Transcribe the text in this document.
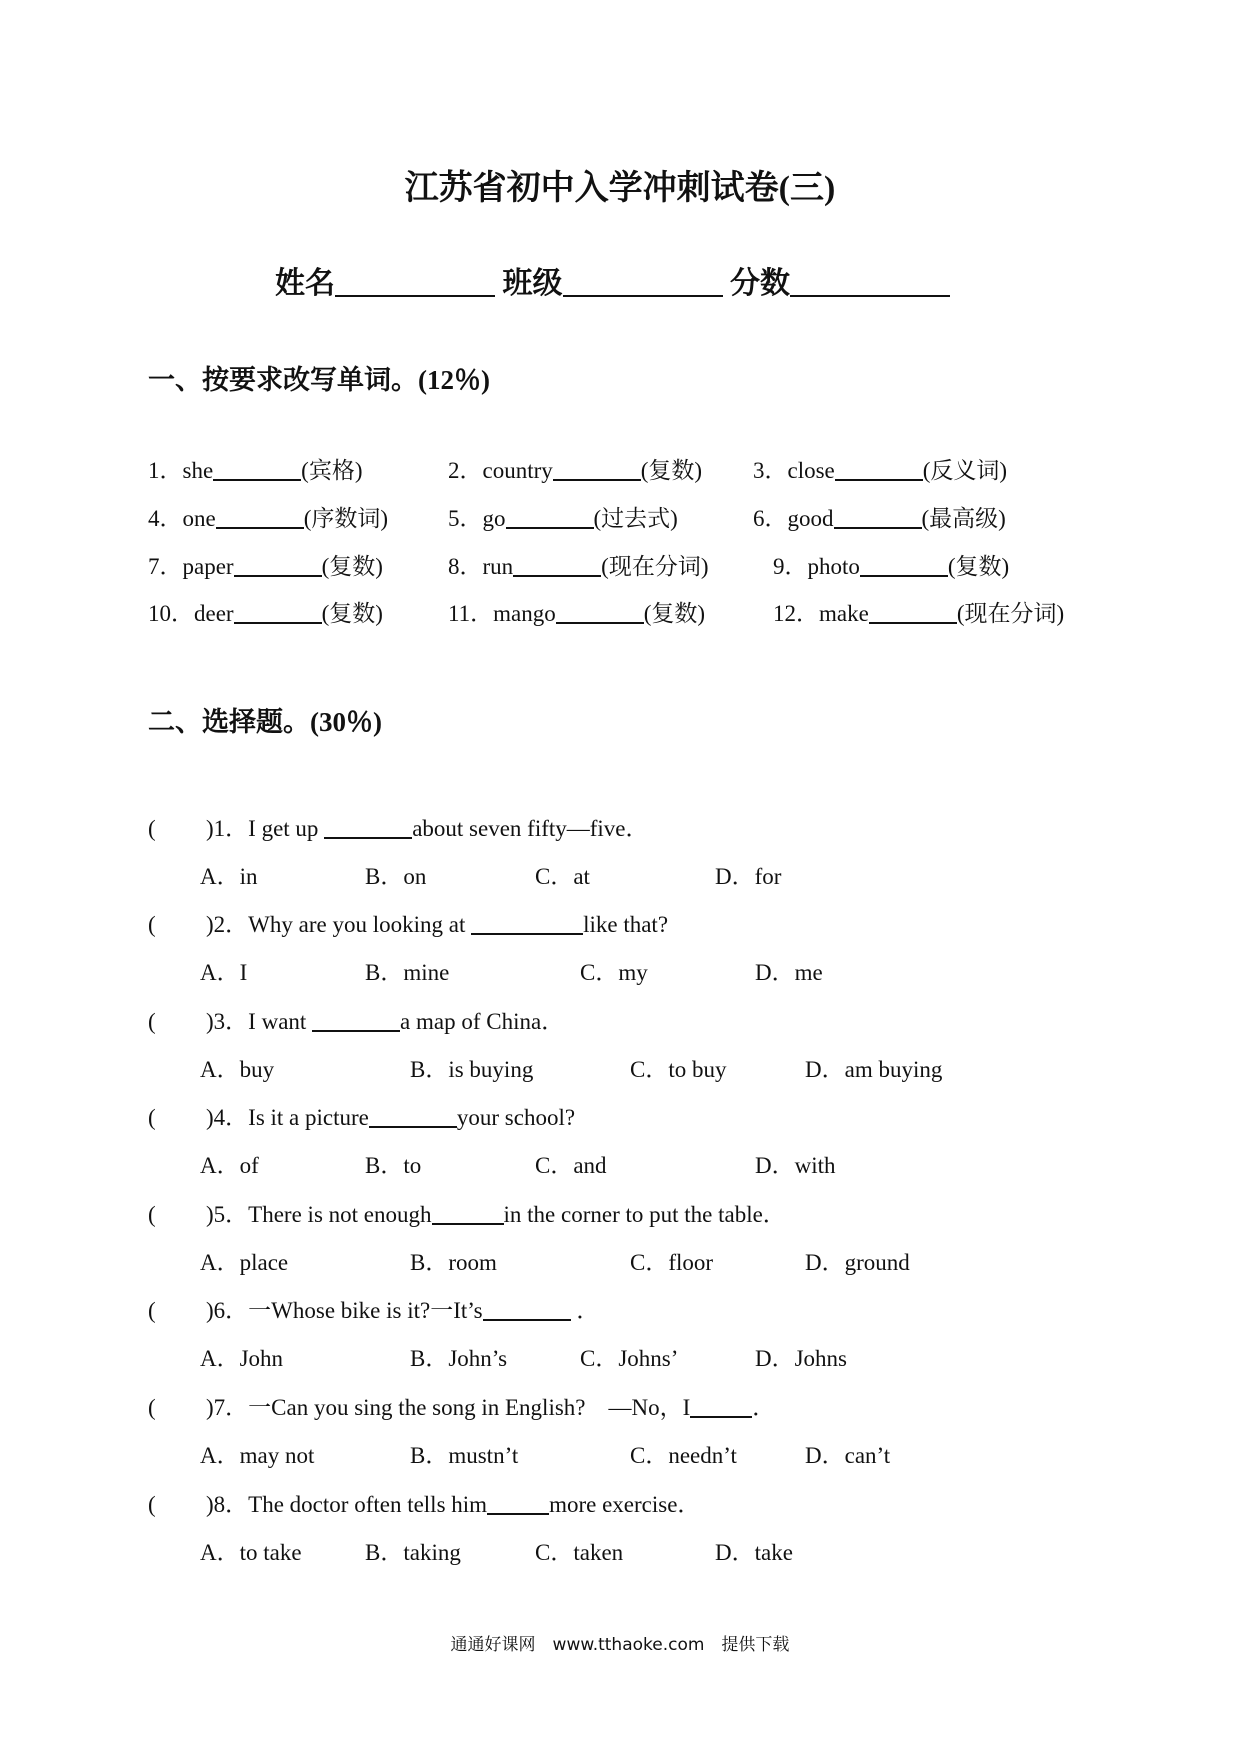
江苏省初中入学冲刺试卷(三)
姓名	班级	分数
一、按要求改写单词。(12％)
1．she	(宾格)	2．country	(复数) 3．close	(反义词)
4．one	(序数词)	5．go	(过去式)	6．good	(最高级)
7．paper	(复数)	8．run	(现在分词)	9．photo	(复数)
10．deer	(复数)	11．mango	(复数)	12．make	(现在分词)
二、选择题。(30％)
( )1．I get up	about seven fifty—five．
A．in	B．on	C．at	D．for
( )2．Why are you looking at	like that?
A．I	B．mine	C．my	D．me
( )3．I want	a map of China．
A．buy	B．is buying	C．to buy	D．am buying
( )4．Is it a picture	your school?
A．of	B．to	C．and	D．with
( )5．There is not enough	in the corner to put the table．
A．place	B．room	C．floor	D．ground
( )6．一Whose bike is it?一It’s	．
A．John	B．John’s	C．Johns’	D．Johns
( )7．一Can you sing the song in English?　—No，I	．
A．may not	B．mustn’t	C．needn’t	D．can’t
( )8．The doctor often tells him	more exercise．
A．to take	B．taking	C．taken	D．take
通通好课网　www.tthaoke.com　提供下载
